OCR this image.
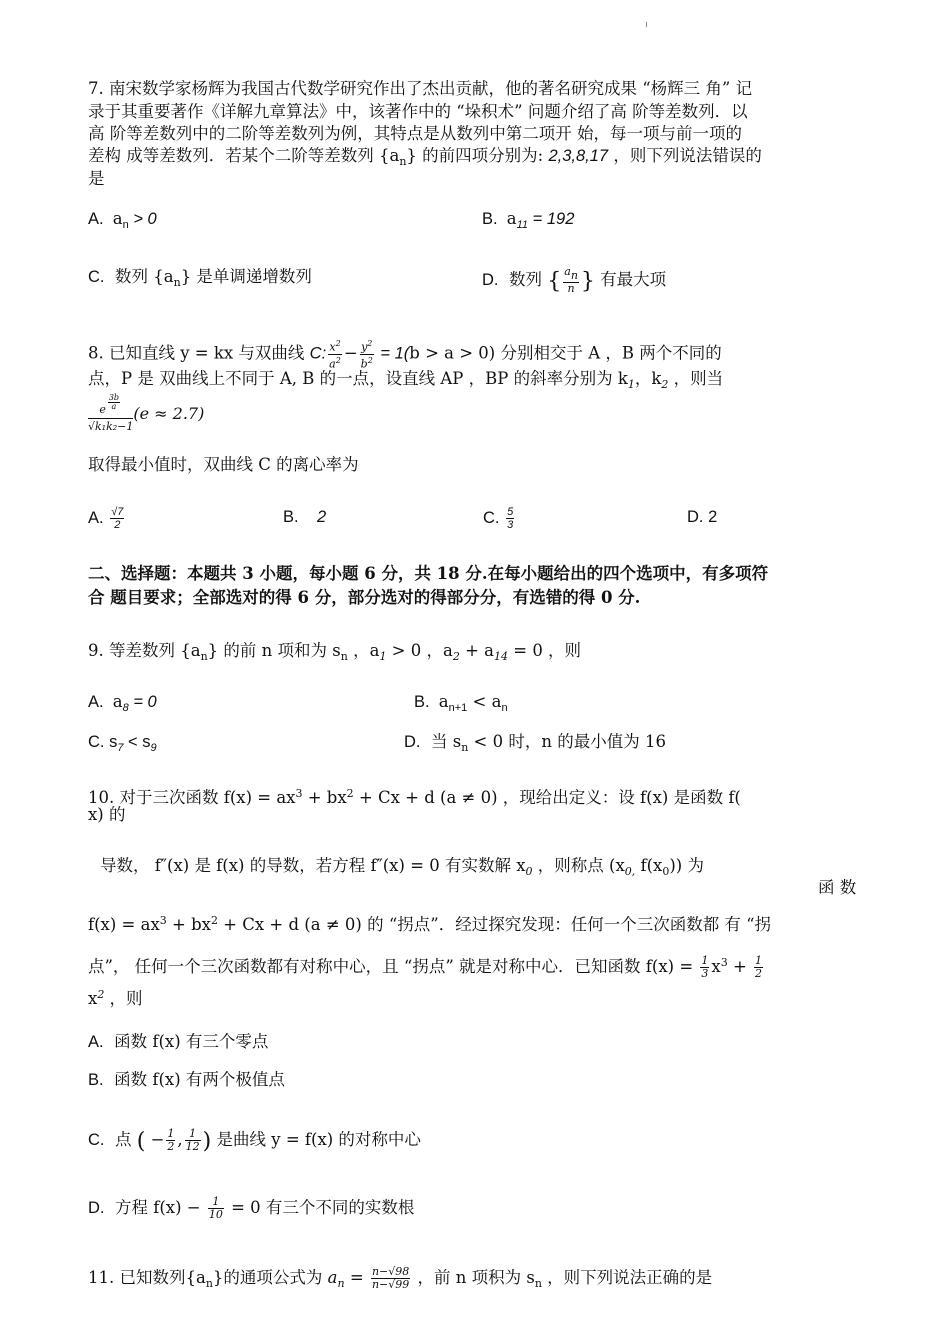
7. 南宋数学家杨辉为我国古代数学研究作出了杰出贡献，他的著名研究成果 “杨辉三 角” 记
录于其重要著作《详解九章算法》中，该著作中的 “垛积术” 问题介绍了高 阶等差数列．以
高 阶等差数列中的二阶等差数列为例，其特点是从数列中第二项开 始，每一项与前一项的
差构 成等差数列．若某个二阶等差数列 $\{a_n\}$ 的前四项分别为: 2,3,8,17 ，则下列说法错误的
是
A. $a_n > 0$	B. $a_{11} = 192$
C. 数列 $\{a_n\}$ 是单调递增数列	D. 数列 { $\frac{an}{n}$ } 有最大项
8. 已知直线 y = kx 与双曲线 C: $\frac{x^2}{a^2} - \frac{y^2}{b^2} = 1(b > a > 0)$ 分别相交于 A ，B 两个不同的
点，P 是 双曲线上不同于 A, B 的一点，设直线 AP ，BP 的斜率分别为 $k_1$，$k_2$ ，则当
e $^{\frac{3b}{a}}$
√k₁k₂−1 (e ≈ 2.7)
取得最小值时，双曲线 C 的离心率为
A. $\frac{√7}{2}$	B. 2	C. $\frac{5}{3}$	D. 2
二、选择题：本题共 3 小题，每小题 6 分，共 18 分.在每小题给出的四个选项中，有多项符
合 题目要求；全部选对的得 6 分，部分选对的得部分分，有选错的得 0 分.
9. 等差数列 $\{a_n\}$ 的前 n 项和为 $s_n$ ，$a_1 > 0$ ，$a_2 + a_{14} = 0$ ，则
A. $a_8 = 0$	B. $a_{n+1} < a_n$
C. $s_7 < s_9$	D. 当 $s_n < 0$ 时，n 的最小值为 16
10. 对于三次函数 $f(x) = ax^3 + bx^2 + Cx + d$ (a ≠ 0) ，现给出定义：设 f(x) 是函数 f(
x) 的
导数， f″(x) 是 f(x) 的导数，若方程 f″(x) = 0 有实数解 $x_0$ ，则称点 ($x_{0,}$ $f(x_0)$) 为
函 数
$f(x) = ax^3 + bx^2 + Cx + d$ (a ≠ 0) 的 “拐点”．经过探究发现：任何一个三次函数都 有 “拐
点”， 任何一个三次函数都有对称中心，且 “拐点” 就是对称中心．已知函数 $f(x) = \frac{1}{3} x^3 + \frac{1}{2}$
$x^2$ ，则
A. 函数 f(x) 有三个零点
B. 函数 f(x) 有两个极值点
C. 点 ( − $\frac{1}{2}$ , $\frac{1}{12}$ ) 是曲线 y = f(x) 的对称中心
D. 方程 $f(x) - \frac{1}{10} = 0$ 有三个不同的实数根
11. 已知数列$\{a_n\}$的通项公式为 $a_n = \frac{n-√98}{n-√99}$ ，前 n 项积为 $s_n$ ，则下列说法正确的是
